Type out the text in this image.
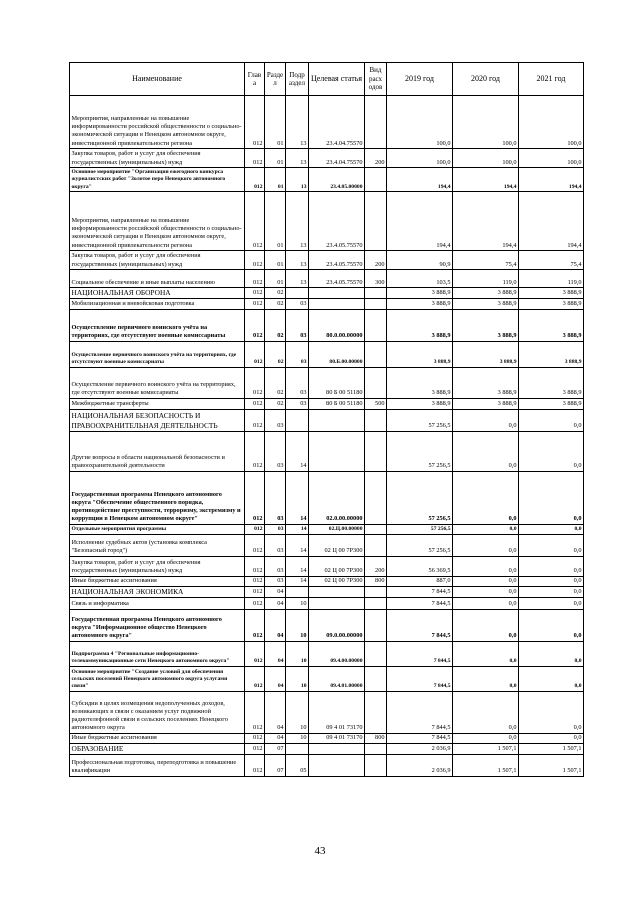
Наименование	Глав а	Разде л	Подр аздел	Целевая статья	Вид расх одов	2019 год	2020 год	2021 год
Мероприятия, направленные на повышение информированности российской общественности о социально-экономической ситуации в Ненецком автономном округе, инвестиционной привлекательности региона	012	01	13	23.4.04.75570		100,0	100,0	100,0
Закупка товаров, работ и услуг для обеспечения государственных (муниципальных) нужд	012	01	13	23.4.04.75570	200	100,0	100,0	100,0
Основное мероприятие "Организация ежегодного конкурса журналистских работ "Золотое перо Ненецкого автономного округа"	012	01	13	23.4.05.00000		194,4	194,4	194,4
Мероприятия, направленные на повышение информированности российской общественности о социально-экономической ситуации в Ненецком автономном округе, инвестиционной привлекательности региона	012	01	13	23.4.05.75570		194,4	194,4	194,4
Закупка товаров, работ и услуг для обеспечения государственных (муниципальных) нужд	012	01	13	23.4.05.75570	200	90,9	75,4	75,4
Социальное обеспечение и иные выплаты населению	012	01	13	23.4.05.75570	300	103,5	119,0	119,0
НАЦИОНАЛЬНАЯ ОБОРОНА	012	02				3 888,9	3 888,9	3 888,9
Мобилизационная и вневойсковая подготовка	012	02	03			3 888,9	3 888,9	3 888,9
Осуществление первичного воинского учёта на территориях, где отсутствуют военные комиссариаты	012	02	03	80.0.00.00000		3 888,9	3 888,9	3 888,9
Осуществление первичного воинского учёта на территориях, где отсутствуют военные комиссариаты	012	02	03	80.Б.00.00000		3 888,9	3 888,9	3 888,9
Осуществление первичного воинского учёта на территориях, где отсутствуют военные комиссариаты	012	02	03	80 Б 00 51180		3 888,9	3 888,9	3 888,9
Межбюджетные трансферты	012	02	03	80 Б 00 51180	500	3 888,9	3 888,9	3 888,9
НАЦИОНАЛЬНАЯ БЕЗОПАСНОСТЬ И ПРАВООХРАНИТЕЛЬНАЯ ДЕЯТЕЛЬНОСТЬ	012	03				57 256,5	0,0	0,0
Другие вопросы в области национальной безопасности и правоохранительной деятельности	012	03	14			57 256,5	0,0	0,0
Государственная программа Ненецкого автономного округа "Обеспечение общественного порядка, противодействие преступности, терроризму, экстремизму и коррупции в Ненецком автономном округе"	012	03	14	02.0.00.00000		57 256,5	0,0	0,0
Отдельные мероприятия программы	012	03	14	02.Ц.00.00000		57 256,5	0,0	0,0
Исполнение судебных актов (установка комплекса "Безопасный город")	012	03	14	02 Ц 00 7Р300		57 256,5	0,0	0,0
Закупка товаров, работ и услуг для обеспечения государственных (муниципальных) нужд	012	03	14	02 Ц 00 7Р300	200	56 369,5	0,0	0,0
Иные бюджетные ассигнования	012	03	14	02 Ц 00 7Р300	800	887,0	0,0	0,0
НАЦИОНАЛЬНАЯ ЭКОНОМИКА	012	04				7 844,5	0,0	0,0
Связь и информатика	012	04	10			7 844,5	0,0	0,0
Государственная программа Ненецкого автономного округа "Информационное общество Ненецкого автономного округа"	012	04	10	09.0.00.00000		7 844,5	0,0	0,0
Подпрограмма 4 "Региональные информационно-телекоммуникационные сети Ненецкого автономного округа"	012	04	10	09.4.00.00000		7 844,5	0,0	0,0
Основное мероприятие "Создание условий для обеспечения сельских поселений Ненецкого автономного округа услугами связи"	012	04	10	09.4.01.00000		7 844,5	0,0	0,0
Субсидии в целях возмещения недополученных доходов, возникающих в связи с оказанием услуг подвижной радиотелефонной связи в сельских поселениях Ненецкого автономного округа	012	04	10	09 4 01 73170		7 844,5	0,0	0,0
Иные бюджетные ассигнования	012	04	10	09 4 01 73170	800	7 844,5	0,0	0,0
ОБРАЗОВАНИЕ	012	07				2 036,9	1 507,1	1 507,1
Профессиональная подготовка, переподготовка и повышение квалификации	012	07	05			2 036,9	1 507,1	1 507,1
43
